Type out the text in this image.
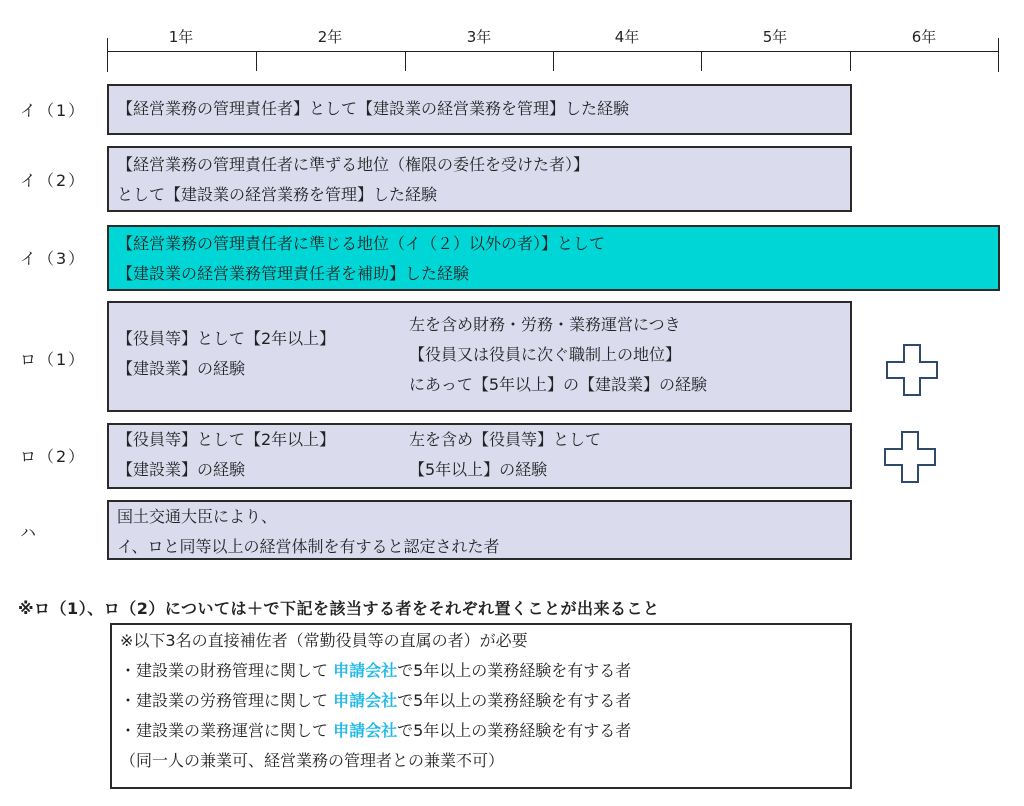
1年	2年	3年	4年	5年	6年
イ（1） 【経営業務の管理責任者】として【建設業の経営業務を管理】した経験
イ（2）
【経営業務の管理責任者に準ずる地位（権限の委任を受けた者）】
として【建設業の経営業務を管理】した経験
イ（3）
【経営業務の管理責任者に準じる地位（イ（２）以外の者）】として
【建設業の経営業務管理責任者を補助】した経験
ロ（1）
【役員等】として【2年以上】
【建設業】の経験
左を含め財務・労務・業務運営につき
【役員又は役員に次ぐ職制上の地位】
にあって【5年以上】の【建設業】の経験
ロ（2）
【役員等】として【2年以上】
【建設業】の経験
左を含め【役員等】として
【5年以上】の経験
ハ
国土交通大臣により、
イ、ロと同等以上の経営体制を有すると認定された者
※ロ（1）、ロ（2）については＋で下記を該当する者をそれぞれ置くことが出来ること
※以下3名の直接補佐者（常勤役員等の直属の者）が必要
・建設業の財務管理に関して 申請会社で5年以上の業務経験を有する者
・建設業の労務管理に関して 申請会社で5年以上の業務経験を有する者
・建設業の業務運営に関して 申請会社で5年以上の業務経験を有する者
（同一人の兼業可、経営業務の管理者との兼業不可）
